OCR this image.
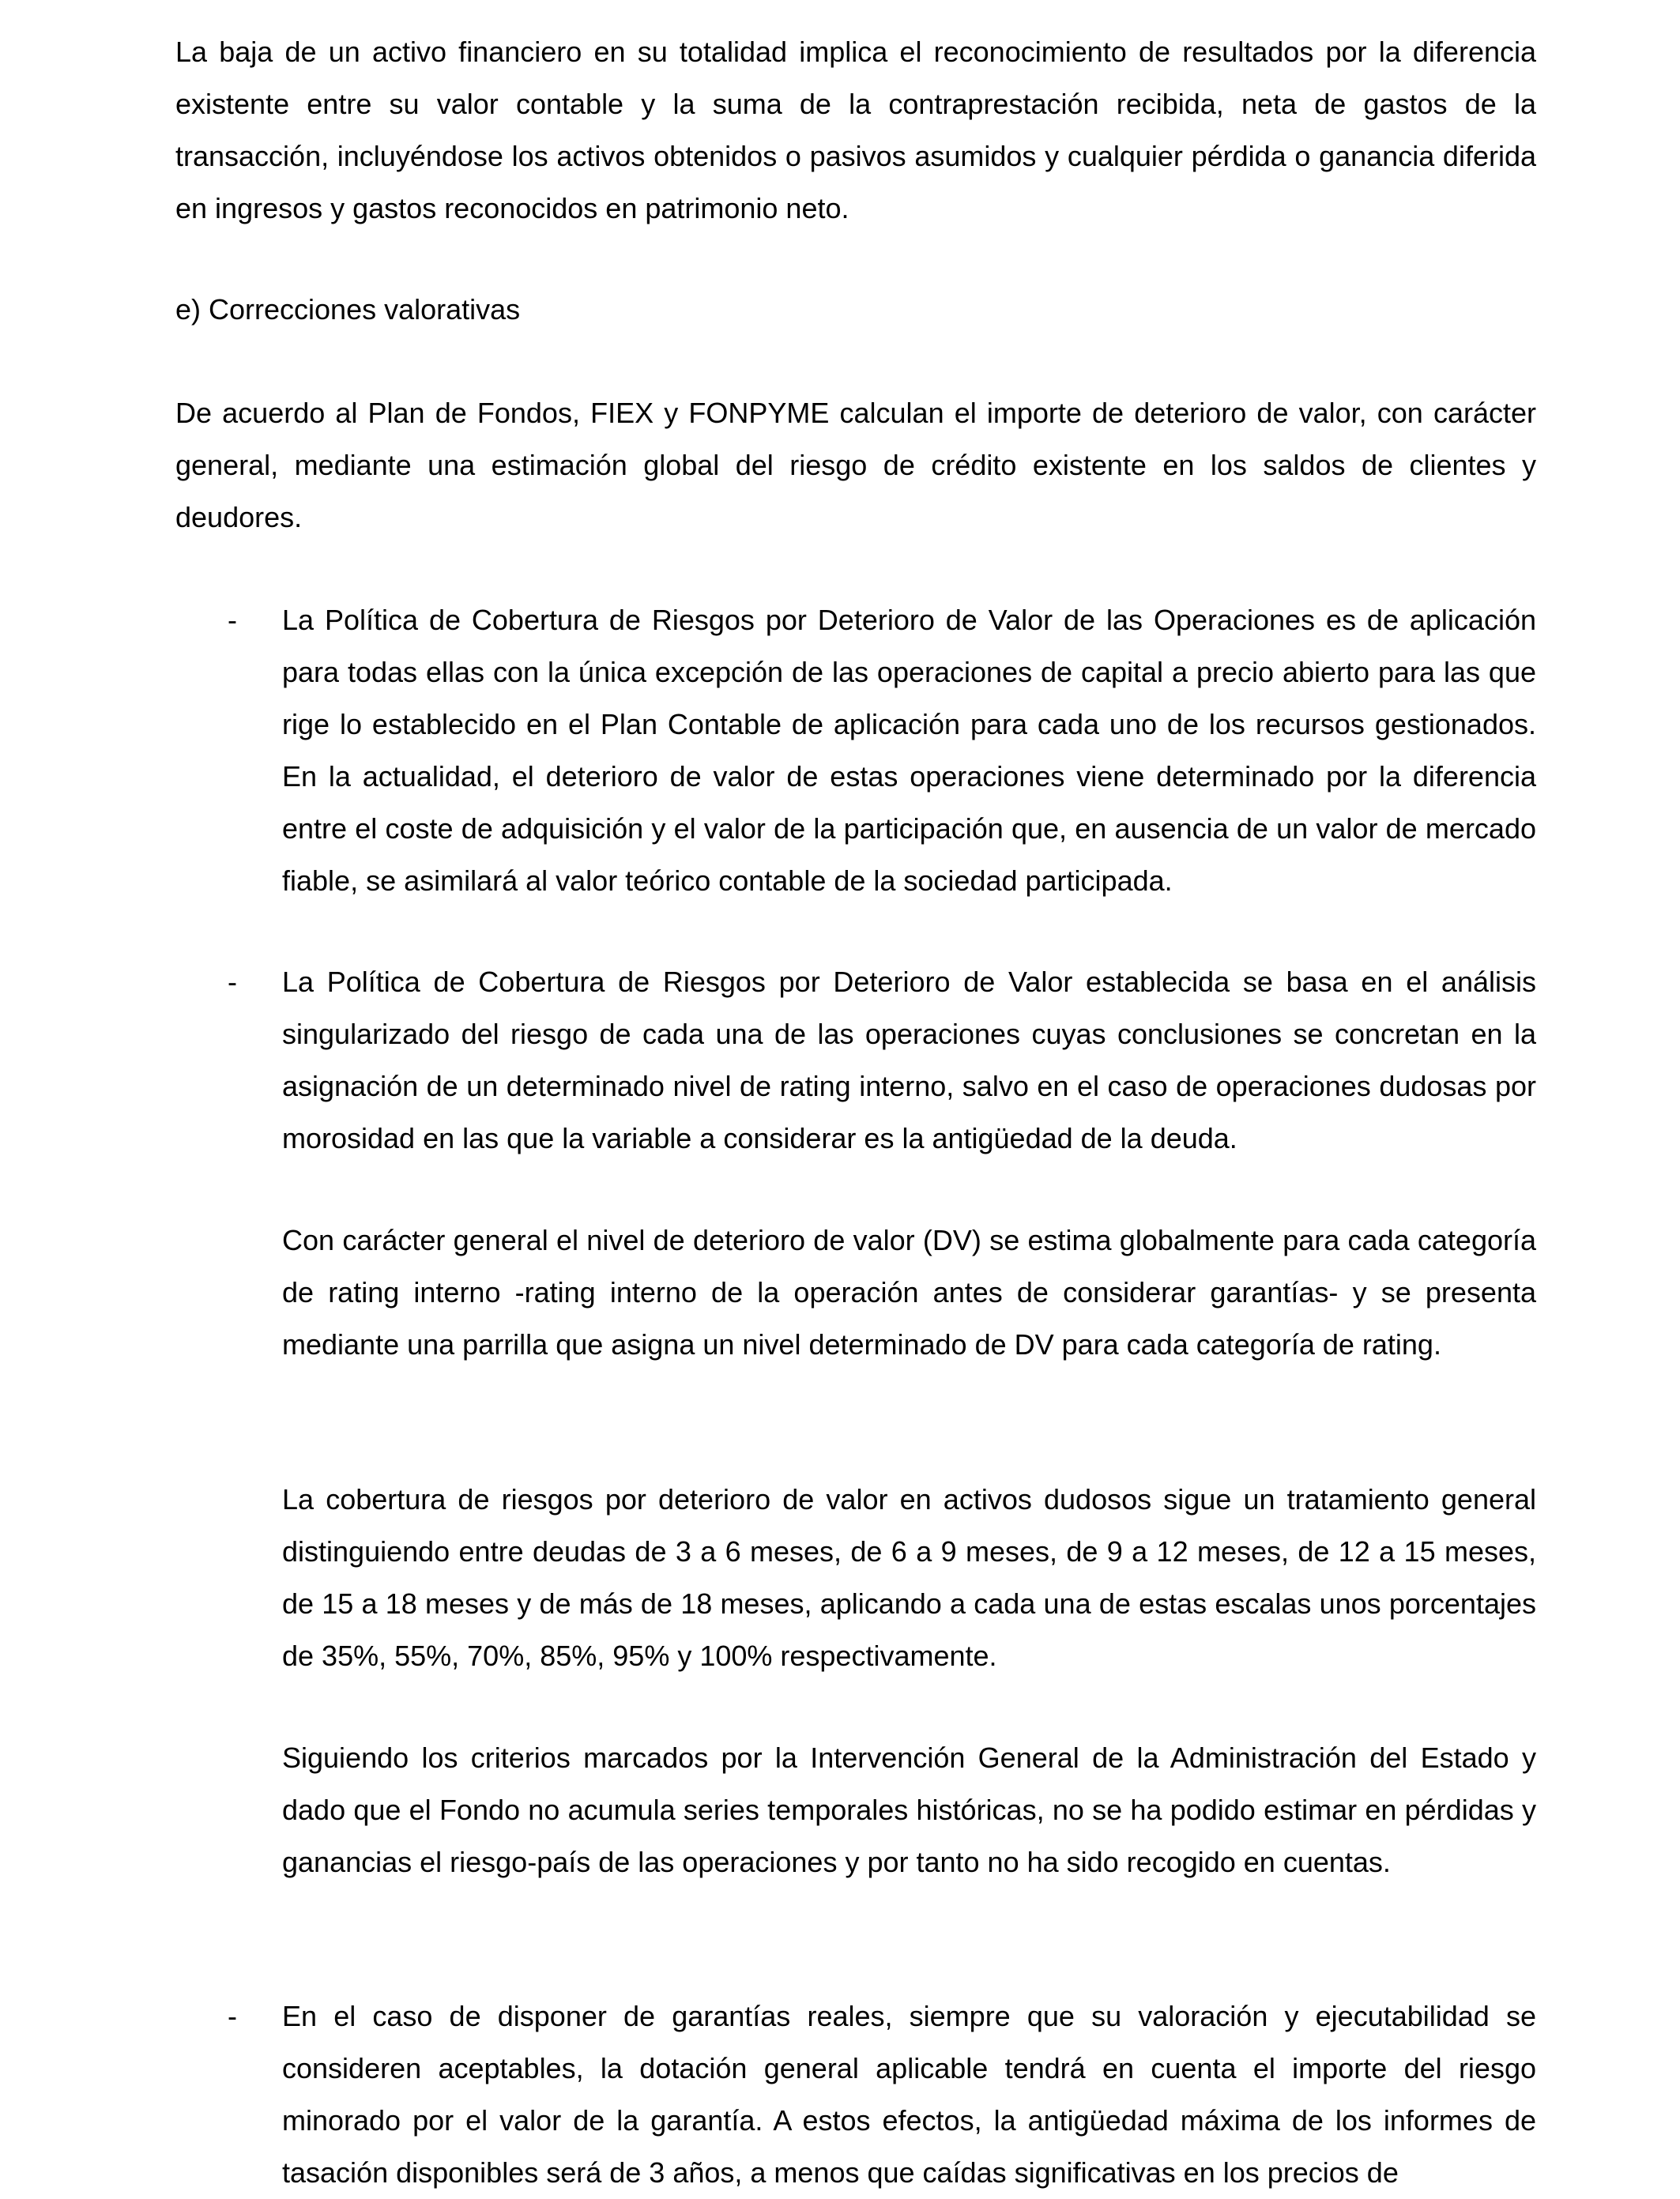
La baja de un activo financiero en su totalidad implica el reconocimiento de resultados por la diferencia existente entre su valor contable y la suma de la contraprestación recibida, neta de gastos de la transacción, incluyéndose los activos obtenidos o pasivos asumidos y cualquier pérdida o ganancia diferida en ingresos y gastos reconocidos en patrimonio neto.

e) Correcciones valorativas

De acuerdo al Plan de Fondos, FIEX y FONPYME calculan el importe de deterioro de valor, con carácter general, mediante una estimación global del riesgo de crédito existente en los saldos de clientes y deudores.

-	La Política de Cobertura de Riesgos por Deterioro de Valor de las Operaciones es de aplicación para todas ellas con la única excepción de las operaciones de capital a precio abierto para las que rige lo establecido en el Plan Contable de aplicación para cada uno de los recursos gestionados. En la actualidad, el deterioro de valor de estas operaciones viene determinado por la diferencia entre el coste de adquisición y el valor de la participación que, en ausencia de un valor de mercado fiable, se asimilará al valor teórico contable de la sociedad participada.

-	La Política de Cobertura de Riesgos por Deterioro de Valor establecida se basa en el análisis singularizado del riesgo de cada una de las operaciones cuyas conclusiones se concretan en la asignación de un determinado nivel de rating interno, salvo en el caso de operaciones dudosas por morosidad en las que la variable a considerar es la antigüedad de la deuda.

Con carácter general el nivel de deterioro de valor (DV) se estima globalmente para cada categoría de rating interno -rating interno de la operación antes de considerar garantías- y se presenta mediante una parrilla que asigna un nivel determinado de DV para cada categoría de rating.

La cobertura de riesgos por deterioro de valor en activos dudosos sigue un tratamiento general distinguiendo entre deudas de 3 a 6 meses, de 6 a 9 meses, de 9 a 12 meses, de 12 a 15 meses, de 15 a 18 meses y de más de 18 meses, aplicando a cada una de estas escalas unos porcentajes de 35%, 55%, 70%, 85%, 95% y 100% respectivamente.

Siguiendo los criterios marcados por la Intervención General de la Administración del Estado y dado que el Fondo no acumula series temporales históricas, no se ha podido estimar en pérdidas y ganancias el riesgo-país de las operaciones y por tanto no ha sido recogido en cuentas.

-	En el caso de disponer de garantías reales, siempre que su valoración y ejecutabilidad se consideren aceptables, la dotación general aplicable tendrá en cuenta el importe del riesgo minorado por el valor de la garantía. A estos efectos, la antigüedad máxima de los informes de tasación disponibles será de 3 años, a menos que caídas significativas en los precios de
